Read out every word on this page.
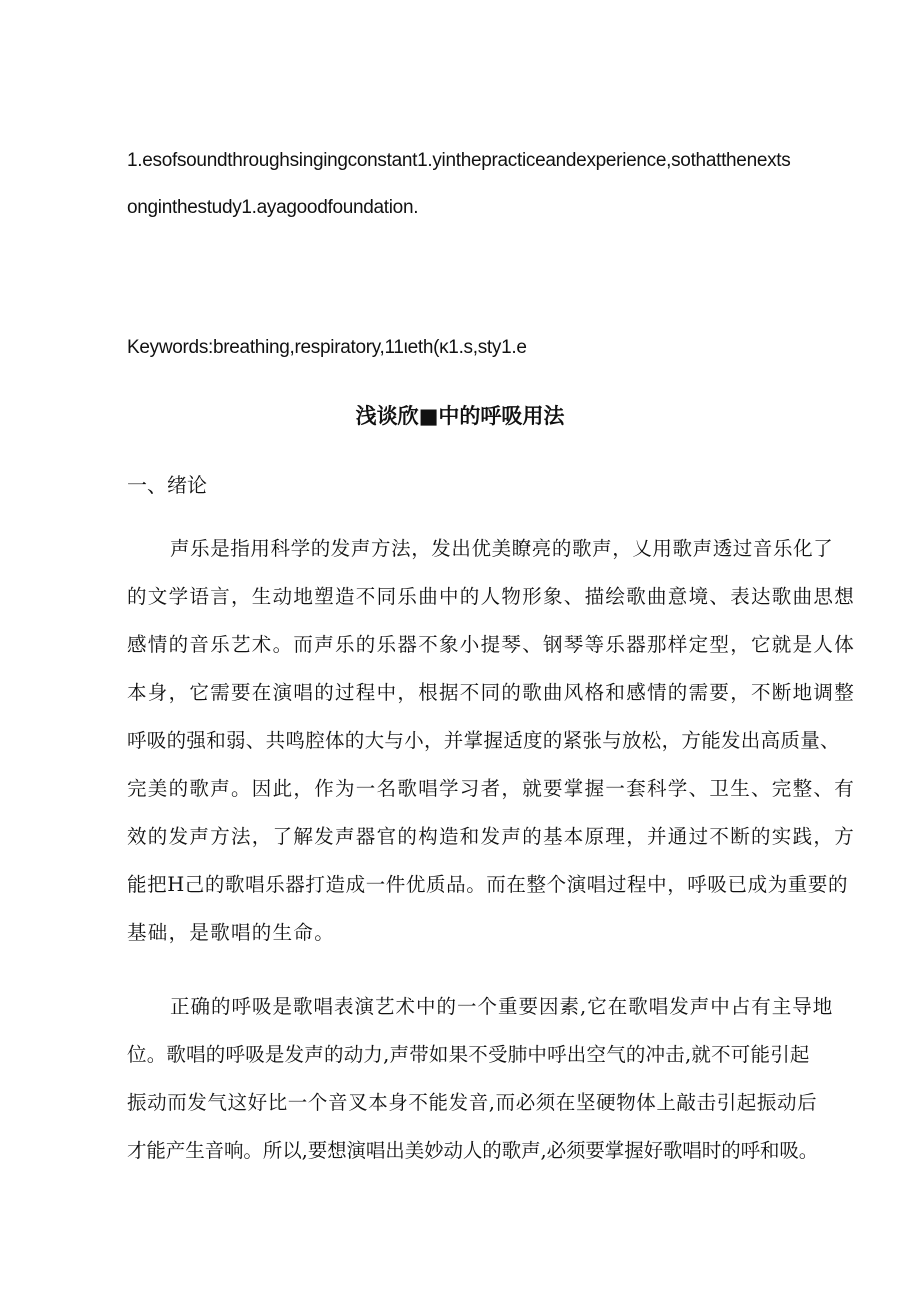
1.esofsoundthroughsingingconstant1.yinthepracticeandexperience,sothatthenexts
onginthestudy1.ayagoodfoundation.
Keywords:breathing,respiratory,11ιeth(κ1.s,sty1.e
浅谈欣■中的呼吸用法
一、绪论

声乐是指用科学的发声方法，发出优美瞭亮的歌声，乂用歌声透过音乐化了

的文学语言，生动地塑造不同乐曲中的人物形象、描绘歌曲意境、表达歌曲思想

感情的音乐艺术。而声乐的乐器不象小提琴、钢琴等乐器那样定型，它就是人体

本身，它需要在演唱的过程中，根据不同的歌曲风格和感情的需要，不断地调整

呼吸的强和弱、共鸣腔体的大与小，并掌握适度的紧张与放松，方能发出高质量、

完美的歌声。因此，作为一名歌唱学习者，就要掌握一套科学、卫生、完整、有

效的发声方法，了解发声器官的构造和发声的基本原理，并通过不断的实践，方

能把H己的歌唱乐器打造成一件优质品。而在整个演唱过程中，呼吸已成为重要的

基础，是歌唱的生命。

正确的呼吸是歌唱表演艺术中的一个重要因素,它在歌唱发声中占有主导地

位。歌唱的呼吸是发声的动力,声带如果不受肺中呼出空气的冲击,就不可能引起

振动而发气这好比一个音叉本身不能发音,而必须在坚硬物体上敲击引起振动后

才能产生音响。所以,要想演唱出美妙动人的歌声,必须要掌握好歌唱时的呼和吸。
